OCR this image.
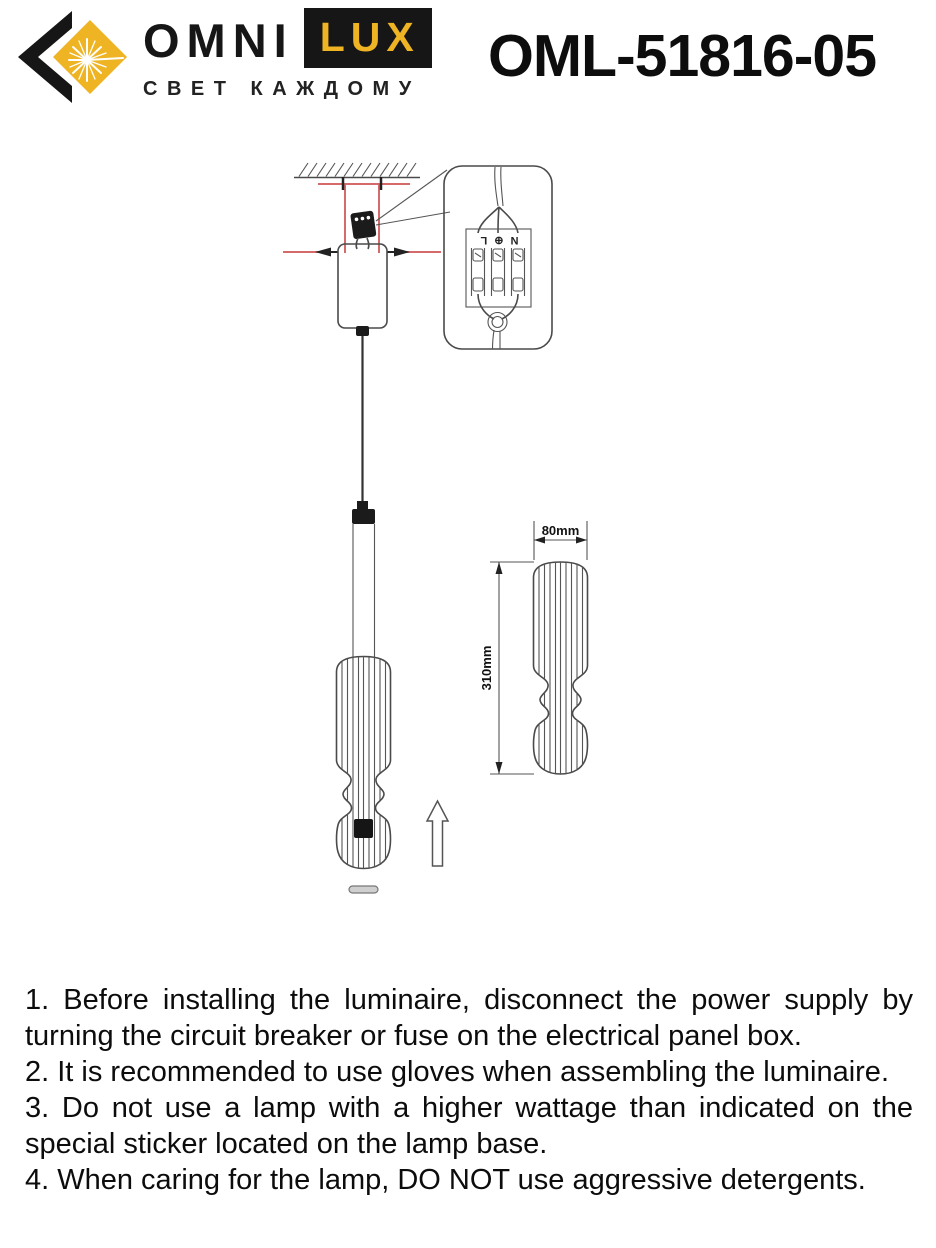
OMNI LUX
СВЕТ КАЖДОМУ	OML-51816-05
N ⊕ L
80mm
310mm

1. Before installing the luminaire, disconnect the power supply by turning the circuit breaker or fuse on the electrical panel box.

2. It is recommended to use gloves when assembling the luminaire.

3. Do not use a lamp with a higher wattage than indicated on the special sticker located on the lamp base.

4. When caring for the lamp, DO NOT use aggressive detergents.
